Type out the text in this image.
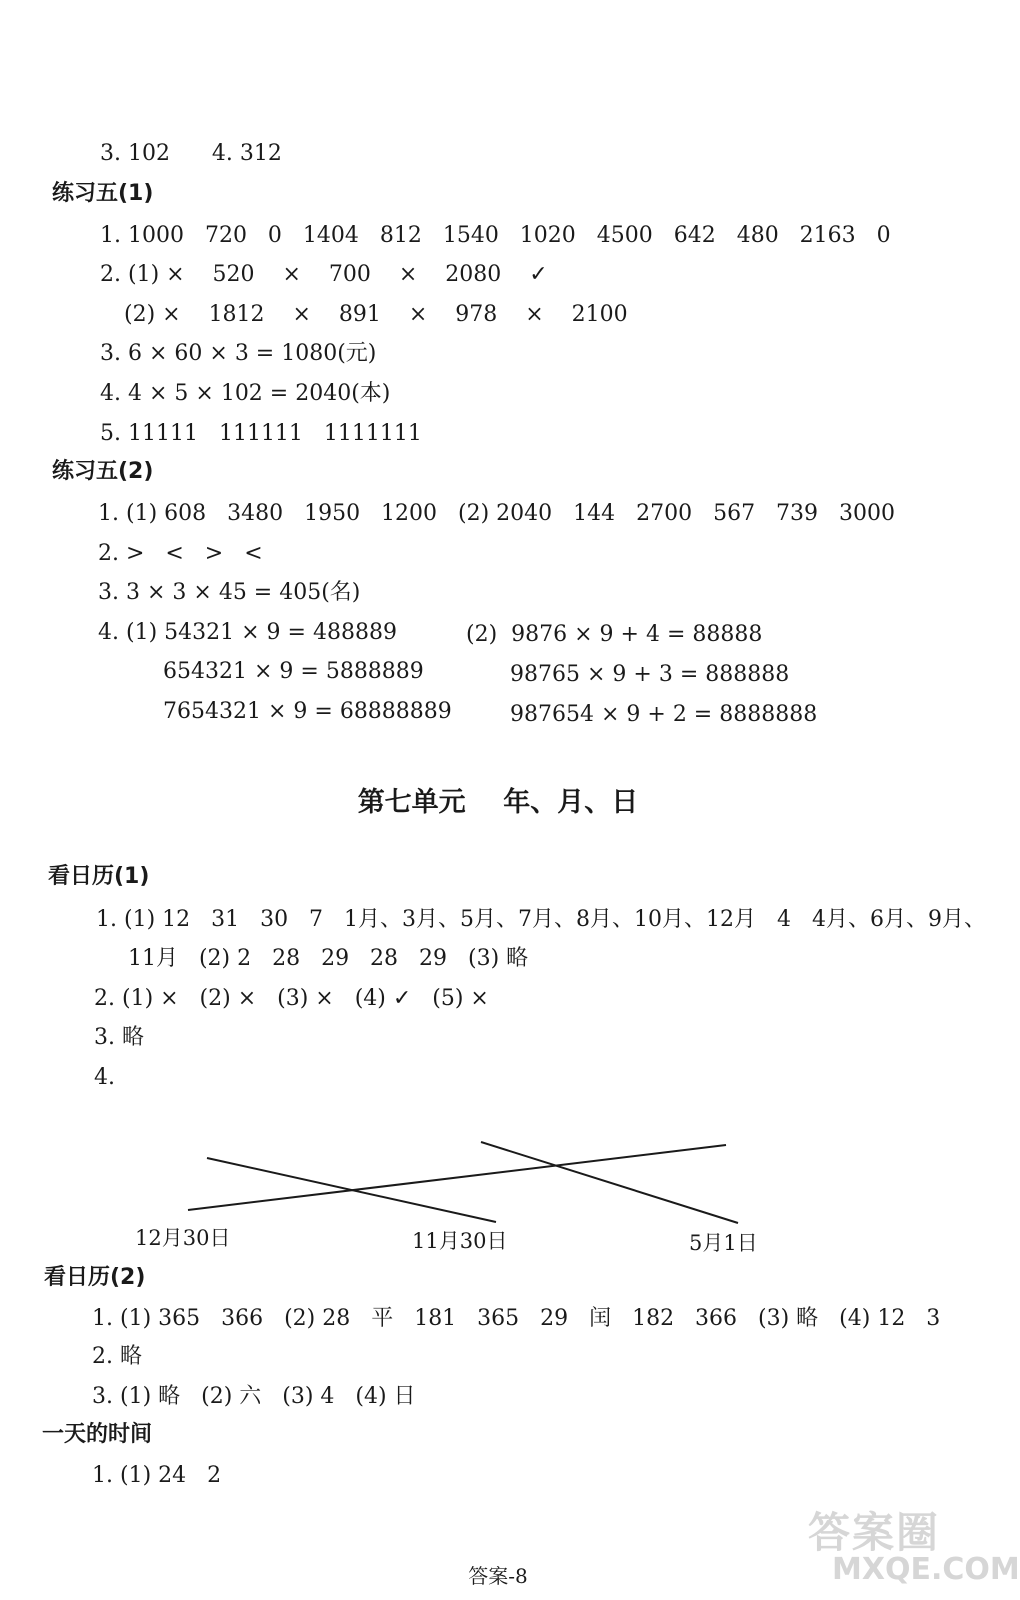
3. 102      4. 312
练习五(1)
1. 1000   720   0   1404   812   1540   1020   4500   642   480   2163   0
2. (1) ×    520    ×    700    ×    2080    ✓
(2) ×    1812    ×    891    ×    978    ×    2100
3. 6 × 60 × 3 = 1080(元)
4. 4 × 5 × 102 = 2040(本)
5. 11111   111111   1111111
练习五(2)
1. (1) 608   3480   1950   1200   (2) 2040   144   2700   567   739   3000
2. >   <   >   <
3. 3 × 3 × 45 = 405(名)
4. (1) 54321 × 9 = 488889
654321 × 9 = 5888889
7654321 × 9 = 68888889
(2)  9876 × 9 + 4 = 88888
98765 × 9 + 3 = 888888
987654 × 9 + 2 = 8888888
第七单元    年、月、日
看日历(1)
1. (1) 12   31   30   7   1月、3月、5月、7月、8月、10月、12月   4   4月、6月、9月、
11月   (2) 2   28   29   28   29   (3) 略
2. (1) ×   (2) ×   (3) ×   (4) ✓   (5) ×
3. 略
4.
12月30日	11月30日	5月1日
看日历(2)
1. (1) 365   366   (2) 28   平   181   365   29   闰   182   366   (3) 略   (4) 12   3
2. 略
3. (1) 略   (2) 六   (3) 4   (4) 日
一天的时间
1. (1) 24   2
答案-8
答案圈
MXQE.COM
